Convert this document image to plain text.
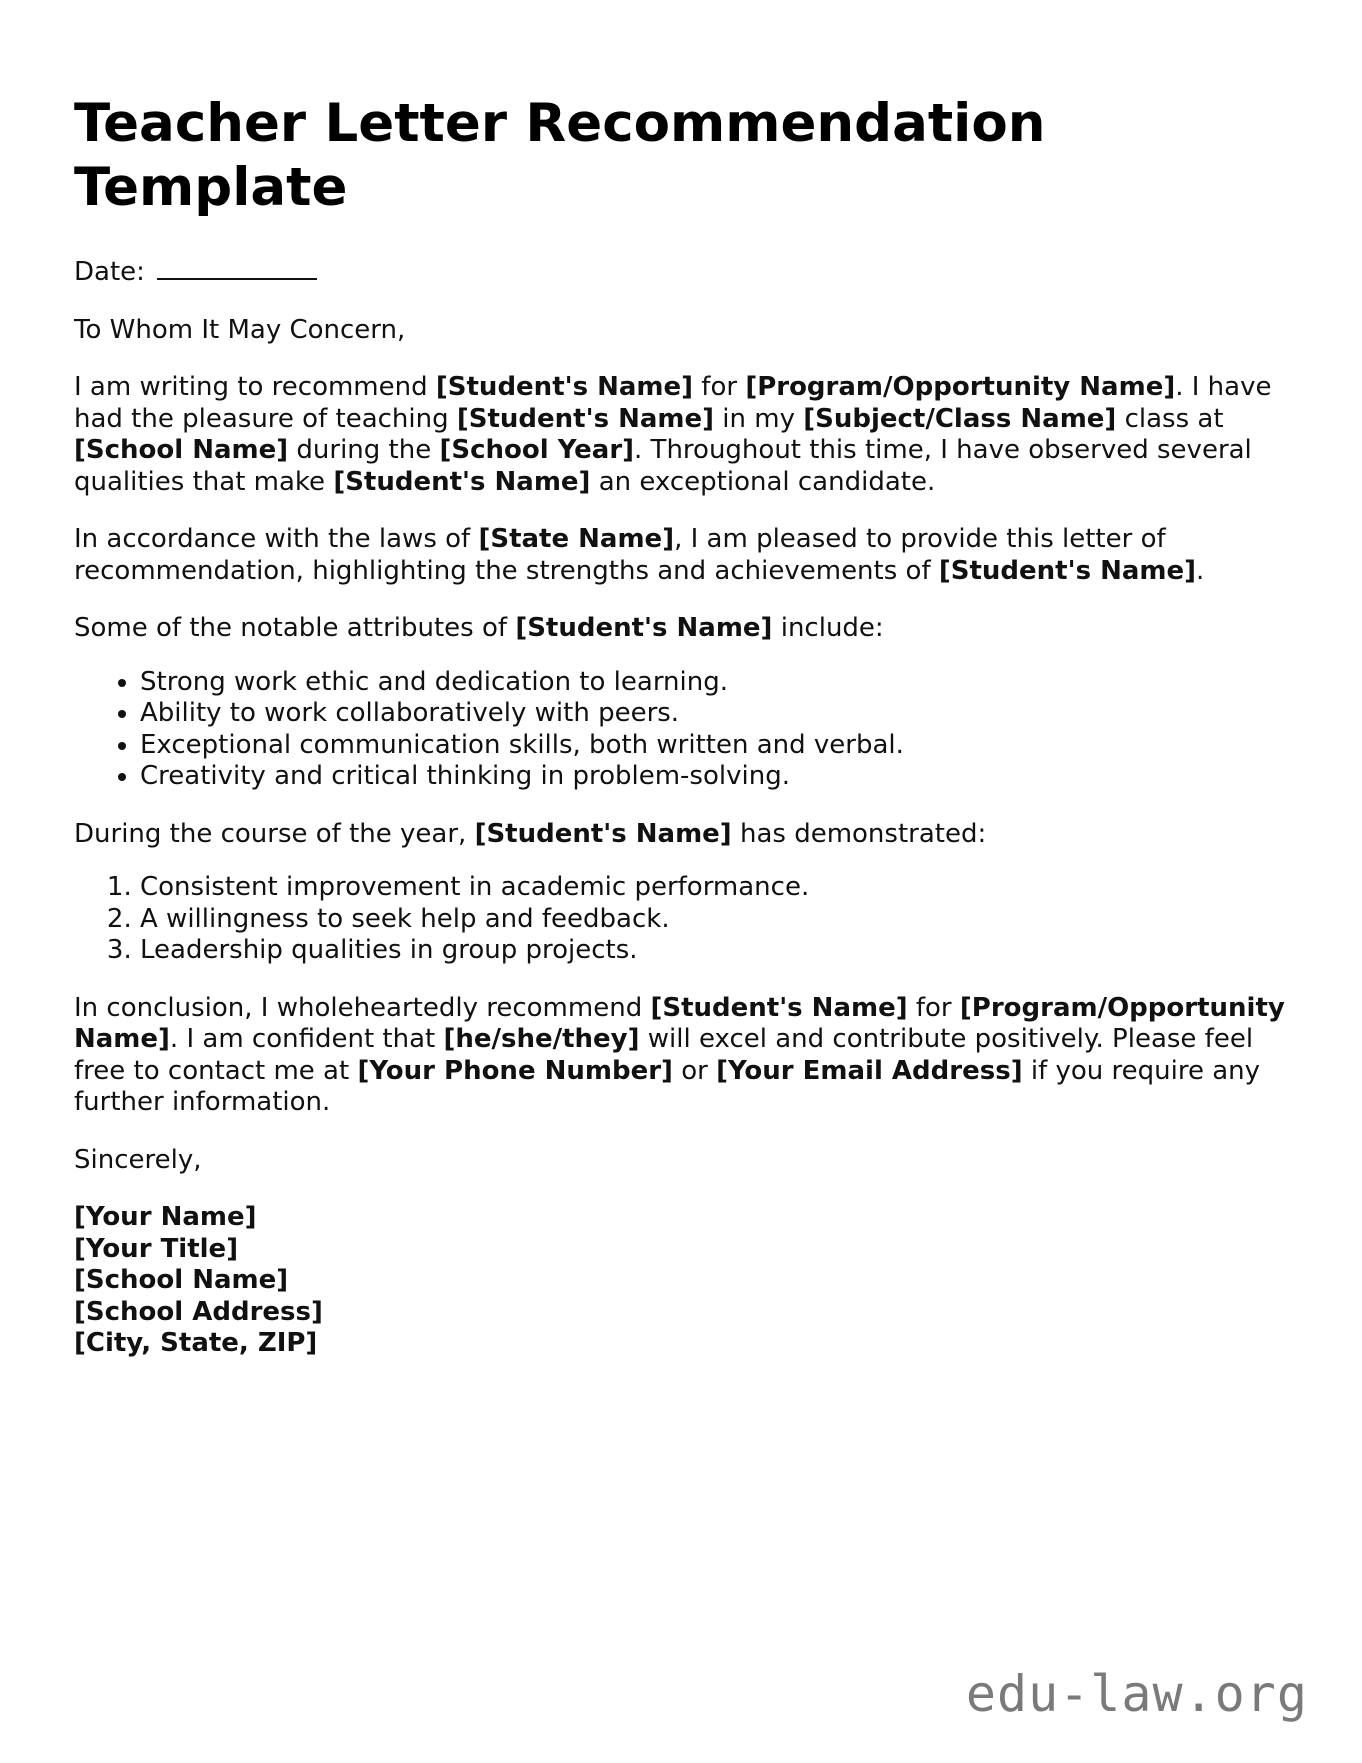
Teacher Letter Recommendation Template

Date:

To Whom It May Concern,

I am writing to recommend [Student's Name] for [Program/Opportunity Name]. I have had the pleasure of teaching [Student's Name] in my [Subject/Class Name] class at [School Name] during the [School Year]. Throughout this time, I have observed several qualities that make [Student's Name] an exceptional candidate.

In accordance with the laws of [State Name], I am pleased to provide this letter of recommendation, highlighting the strengths and achievements of [Student's Name].

Some of the notable attributes of [Student's Name] include:

• Strong work ethic and dedication to learning.
• Ability to work collaboratively with peers.
• Exceptional communication skills, both written and verbal.
• Creativity and critical thinking in problem-solving.

During the course of the year, [Student's Name] has demonstrated:

1. Consistent improvement in academic performance.
2. A willingness to seek help and feedback.
3. Leadership qualities in group projects.

In conclusion, I wholeheartedly recommend [Student's Name] for [Program/Opportunity Name]. I am confident that [he/she/they] will excel and contribute positively. Please feel free to contact me at [Your Phone Number] or [Your Email Address] if you require any further information.

Sincerely,

[Your Name]
[Your Title]
[School Name]
[School Address]
[City, State, ZIP]
edu-law.org
